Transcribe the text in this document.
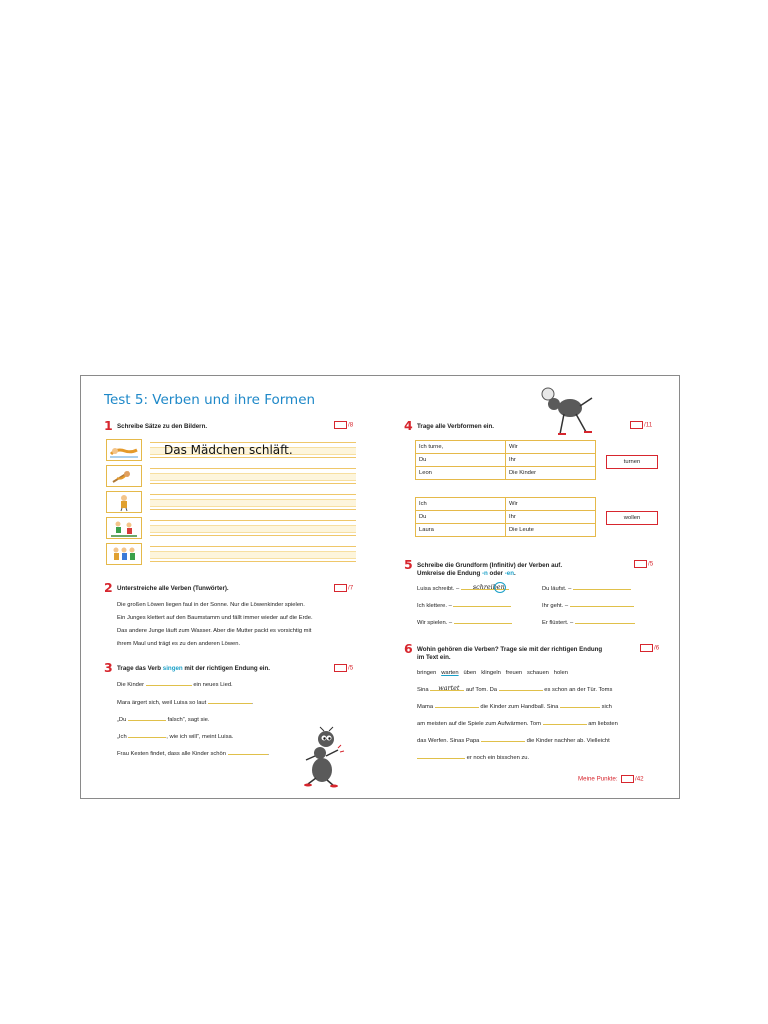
Test 5: Verben und ihre Formen
1 Schreibe Sätze zu den Bildern.	/8
Das Mädchen schläft.
2 Unterstreiche alle Verben (Tunwörter).	/7
Die großen Löwen liegen faul in der Sonne. Nur die Löwenkinder spielen.
Ein Junges klettert auf den Baumstamm und fällt immer wieder auf die Erde.
Das andere Junge läuft zum Wasser. Aber die Mutter packt es vorsichtig mit
ihrem Maul und trägt es zu den anderen Löwen.
3 Trage das Verb singen mit der richtigen Endung ein.	/5
Die Kinder	ein neues Lied.
Mara ärgert sich, weil Luisa so laut	.
„Du	falsch“, sagt sie.
„Ich	, wie ich will“, meint Luisa.
Frau Kesten findet, dass alle Kinder schön	.
4 Trage alle Verbformen ein.	/11
Ich turne,	Wir
Du	Ihr
Leon	Die Kinder
turnen
Ich	Wir
Du	Ihr
Laura	Die Leute
wollen
5 Schreibe die Grundform (Infinitiv) der Verben auf.
Umkreise die Endung -n oder -en.
/5
Luisa schreibt. – schreiben	Du läufst. –
Ich klettere. –	Ihr geht. –
Wir spielen. –	Er flüstert. –
6 Wohin gehören die Verben? Trage sie mit der richtigen Endung
im Text ein.
/6
bringen warten üben klingeln freuen schauen holen
Sina wartet auf Tom. Da	es schon an der Tür. Toms
Mama	die Kinder zum Handball. Sina	sich
am meisten auf die Spiele zum Aufwärmen. Tom	am liebsten
das Werfen. Sinas Papa	die Kinder nachher ab. Vielleicht
er noch ein bisschen zu.
Meine Punkte:	/42
